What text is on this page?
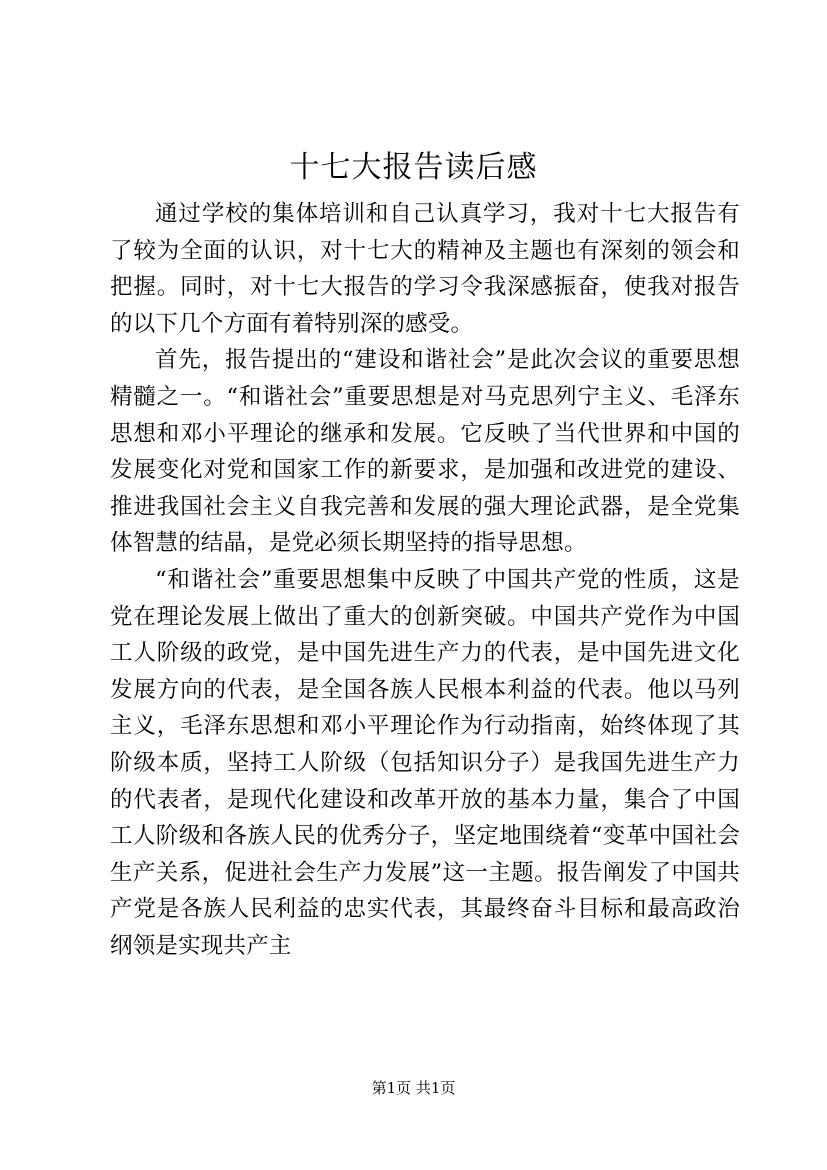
十七大报告读后感

通过学校的集体培训和自己认真学习，我对十七大报告有了较为全面的认识，对十七大的精神及主题也有深刻的领会和把握。同时，对十七大报告的学习令我深感振奋，使我对报告的以下几个方面有着特别深的感受。

首先，报告提出的“建设和谐社会”是此次会议的重要思想精髓之一。“和谐社会”重要思想是对马克思列宁主义、毛泽东思想和邓小平理论的继承和发展。它反映了当代世界和中国的发展变化对党和国家工作的新要求，是加强和改进党的建设、推进我国社会主义自我完善和发展的强大理论武器，是全党集体智慧的结晶，是党必须长期坚持的指导思想。

“和谐社会”重要思想集中反映了中国共产党的性质，这是党在理论发展上做出了重大的创新突破。中国共产党作为中国工人阶级的政党，是中国先进生产力的代表，是中国先进文化发展方向的代表，是全国各族人民根本利益的代表。他以马列主义，毛泽东思想和邓小平理论作为行动指南，始终体现了其阶级本质，坚持工人阶级（包括知识分子）是我国先进生产力的代表者，是现代化建设和改革开放的基本力量，集合了中国工人阶级和各族人民的优秀分子，坚定地围绕着“变革中国社会生产关系，促进社会生产力发展”这一主题。报告阐发了中国共产党是各族人民利益的忠实代表，其最终奋斗目标和最高政治纲领是实现共产主

第1页 共1页
